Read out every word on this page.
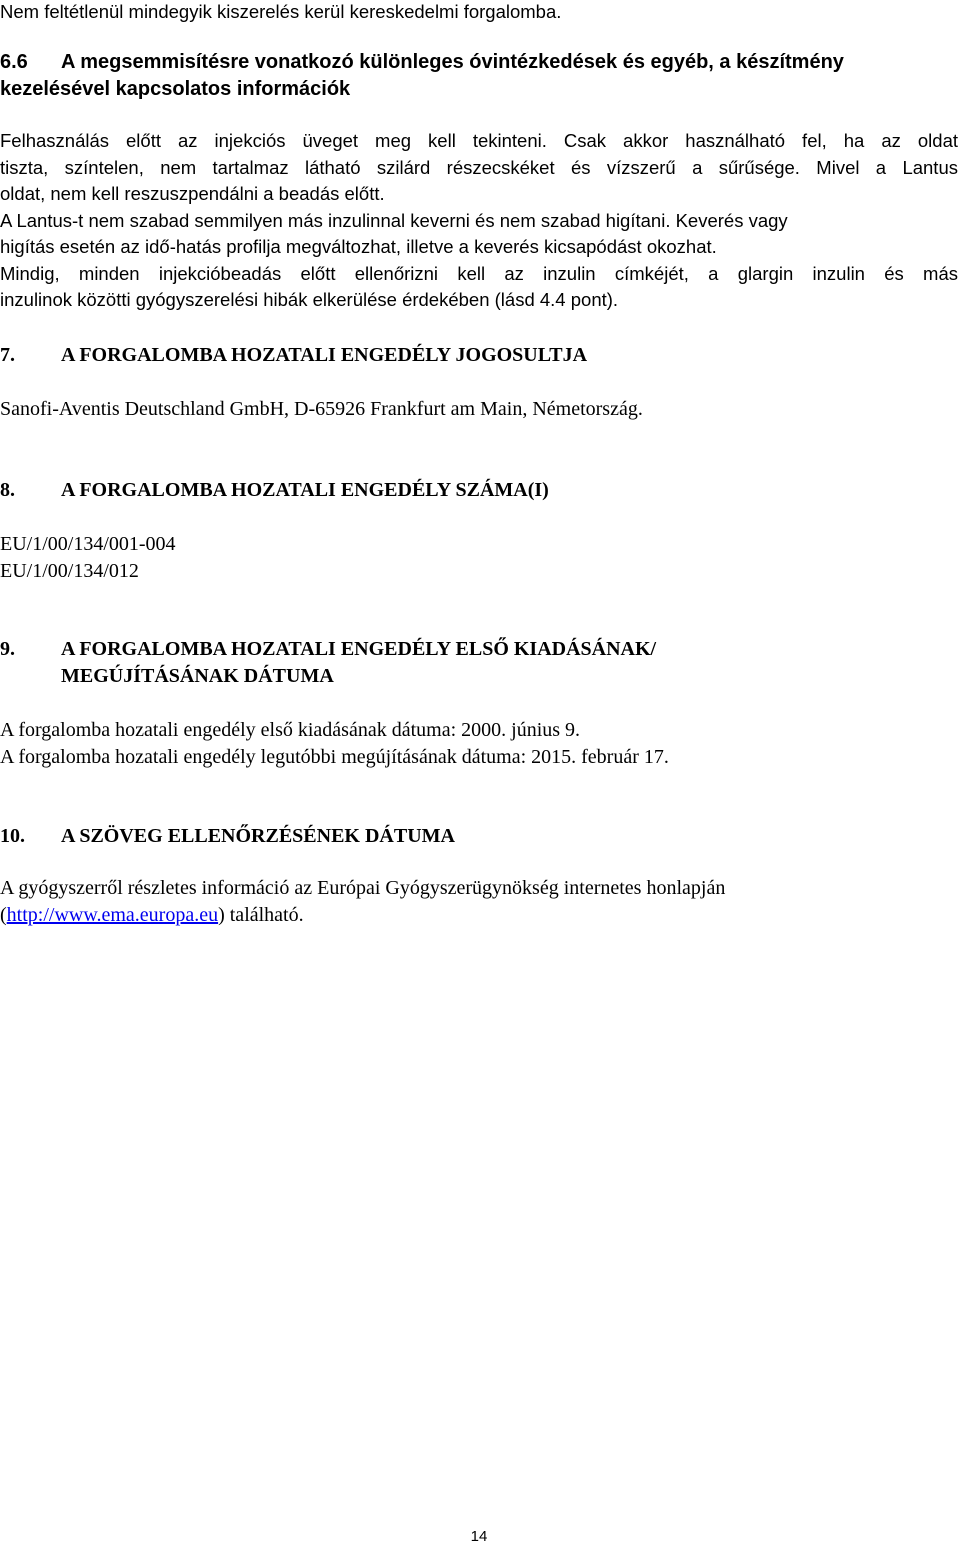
Nem feltétlenül mindegyik kiszerelés kerül kereskedelmi forgalomba.
6.6	A megsemmisítésre vonatkozó különleges óvintézkedések és egyéb, a készítmény
kezelésével kapcsolatos információk
Felhasználás előtt az injekciós üveget meg kell tekinteni. Csak akkor használható fel, ha az oldat
tiszta, színtelen, nem tartalmaz látható szilárd részecskéket és vízszerű a sűrűsége. Mivel a Lantus
oldat, nem kell reszuszpendálni a beadás előtt.
A Lantus-t nem szabad semmilyen más inzulinnal keverni és nem szabad higítani. Keverés vagy
higítás esetén az idő-hatás profilja megváltozhat, illetve a keverés kicsapódást okozhat.
Mindig, minden injekcióbeadás előtt ellenőrizni kell az inzulin címkéjét, a glargin inzulin és más
inzulinok közötti gyógyszerelési hibák elkerülése érdekében (lásd 4.4 pont).
7.	A FORGALOMBA HOZATALI ENGEDÉLY JOGOSULTJA
Sanofi-Aventis Deutschland GmbH, D-65926 Frankfurt am Main, Németország.
8.	A FORGALOMBA HOZATALI ENGEDÉLY SZÁMA(I)
EU/1/00/134/001-004
EU/1/00/134/012
9.	A FORGALOMBA HOZATALI ENGEDÉLY ELSŐ KIADÁSÁNAK/
MEGÚJÍTÁSÁNAK DÁTUMA
A forgalomba hozatali engedély első kiadásának dátuma: 2000. június 9.
A forgalomba hozatali engedély legutóbbi megújításának dátuma: 2015. február 17.
10.	A SZÖVEG ELLENŐRZÉSÉNEK DÁTUMA
A gyógyszerről részletes információ az Európai Gyógyszerügynökség internetes honlapján
(http://www.ema.europa.eu) található.
14
